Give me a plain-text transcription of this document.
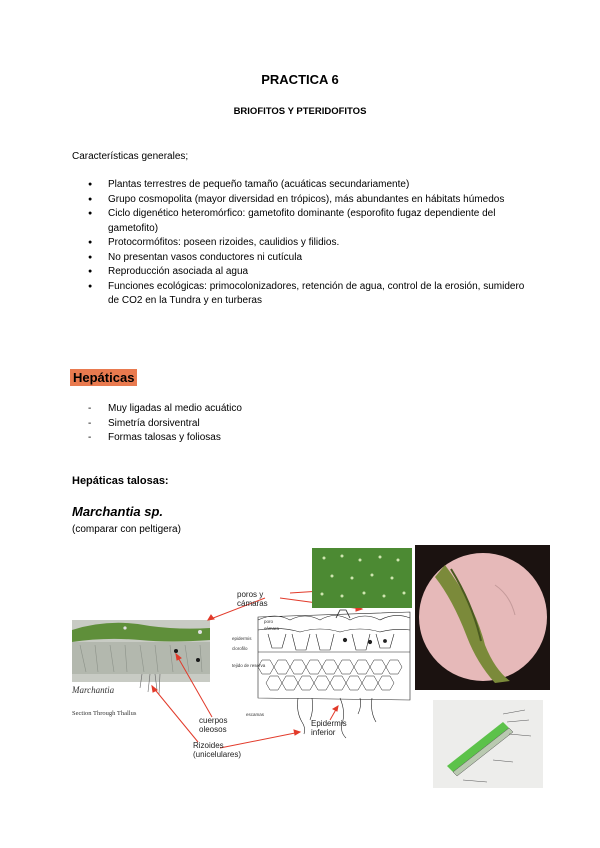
PRACTICA 6
BRIOFITOS Y PTERIDOFITOS
Características generales;
● Plantas terrestres de pequeño tamaño (acuáticas secundariamente)
● Grupo cosmopolita (mayor diversidad en trópicos), más abundantes en hábitats húmedos
● Ciclo digenético heteromórfico: gametofito dominante (esporofito fugaz dependiente del gametofito)
● Protocormófitos: poseen rizoides, caulidios y filidios.
● No presentan vasos conductores ni cutícula
● Reproducción asociada al agua
● Funciones ecológicas: primocolonizadores, retención de agua, control de la erosión, sumidero de CO2 en la Tundra y en turberas
Hepáticas
- Muy ligadas al medio acuático
- Simetría dorsiventral
- Formas talosas y foliosas
Hepáticas talosas:
Marchantia sp.
(comparar con peltigera)
poros y
cámaras
cuerpos
oleosos
Rizoides
(unicelulares)
Epidermis
inferior
poro
cámara
epidermis
clorofilo
tejido de reserva
escamas
Marchantia
Section Through Thallus
